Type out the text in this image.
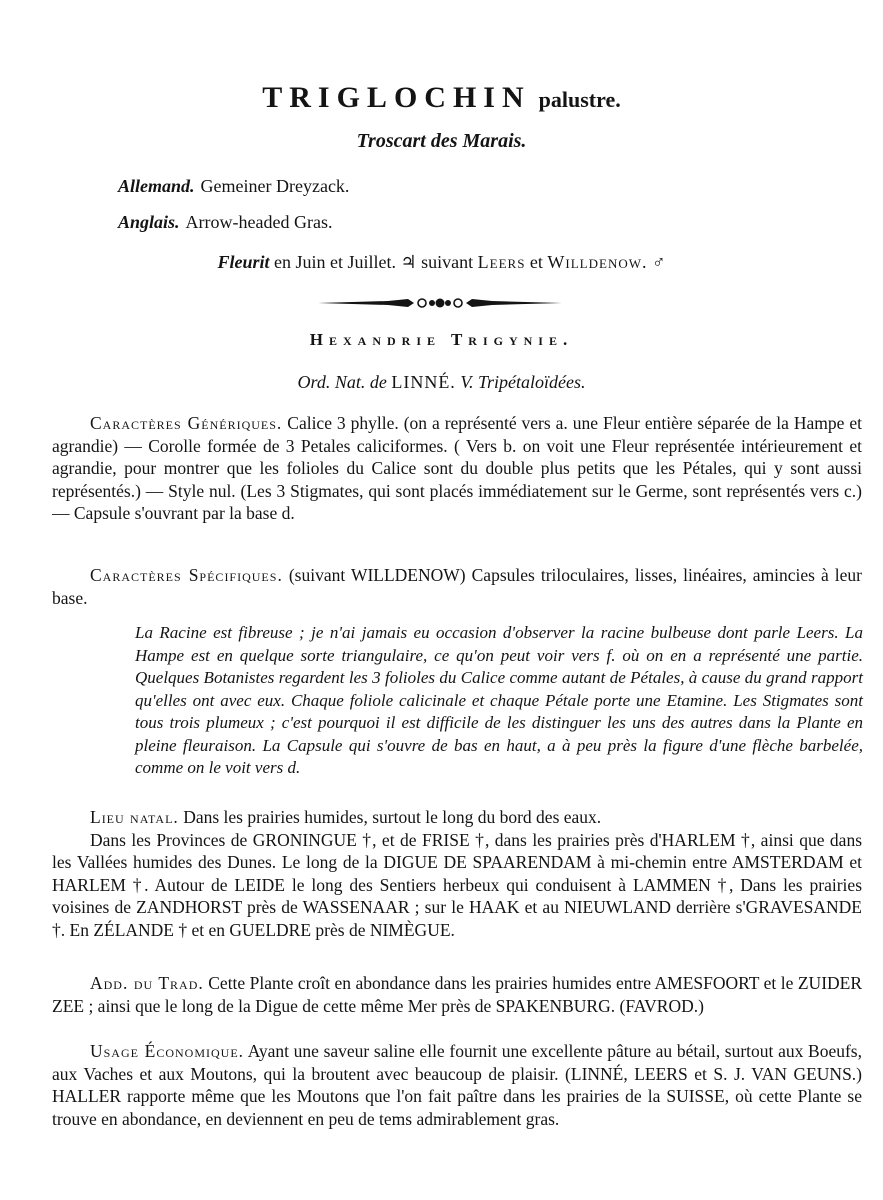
TRIGLOCHIN palustre.
Troscart des Marais.
Allemand. Gemeiner Dreyzack.
Anglais. Arrow-headed Gras.
Fleurit en Juin et Juillet. ♃ suivant Leers et Willdenow. ♂
Hexandrie Trigynie.
Ord. Nat. de LINNÉ. V. Tripétaloïdées.

Caractères Génériques. Calice 3 phylle. (on a représenté vers a. une Fleur entière séparée de la Hampe et agrandie) — Corolle formée de 3 Petales caliciformes. ( Vers b. on voit une Fleur représentée intérieurement et agrandie, pour montrer que les folioles du Calice sont du double plus petits que les Pétales, qui y sont aussi représentés.) — Style nul. (Les 3 Stigmates, qui sont placés immédiatement sur le Germe, sont représentés vers c.) — Capsule s'ouvrant par la base d.

Caractères Spécifiques. (suivant WILLDENOW) Capsules triloculaires, lisses, linéaires, amincies à leur base.

La Racine est fibreuse ; je n'ai jamais eu occasion d'observer la racine bulbeuse dont parle Leers. La Hampe est en quelque sorte triangulaire, ce qu'on peut voir vers f. où on en a représenté une partie. Quelques Botanistes regardent les 3 folioles du Calice comme autant de Pétales, à cause du grand rapport qu'elles ont avec eux. Chaque foliole calicinale et chaque Pétale porte une Etamine. Les Stigmates sont tous trois plumeux ; c'est pourquoi il est difficile de les distinguer les uns des autres dans la Plante en pleine fleuraison. La Capsule qui s'ouvre de bas en haut, a à peu près la figure d'une flèche barbelée, comme on le voit vers d.

Lieu natal. Dans les prairies humides, surtout le long du bord des eaux.

Dans les Provinces de GRONINGUE †, et de FRISE †, dans les prairies près d'HARLEM †, ainsi que dans les Vallées humides des Dunes. Le long de la DIGUE DE SPAARENDAM à mi-chemin entre AMSTERDAM et HARLEM †. Autour de LEIDE le long des Sentiers herbeux qui conduisent à LAMMEN †, Dans les prairies voisines de ZANDHORST près de WASSENAAR ; sur le HAAK et au NIEUWLAND derrière s'GRAVESANDE †. En ZÉLANDE † et en GUELDRE près de NIMÈGUE.

Add. du Trad. Cette Plante croît en abondance dans les prairies humides entre AMESFOORT et le ZUIDER ZEE ; ainsi que le long de la Digue de cette même Mer près de SPAKENBURG. (FAVROD.)

Usage Économique. Ayant une saveur saline elle fournit une excellente pâture au bétail, surtout aux Boeufs, aux Vaches et aux Moutons, qui la broutent avec beaucoup de plaisir. (LINNÉ, LEERS et S. J. VAN GEUNS.) HALLER rapporte même que les Moutons que l'on fait paître dans les prairies de la SUISSE, où cette Plante se trouve en abondance, en deviennent en peu de tems admirablement gras.
